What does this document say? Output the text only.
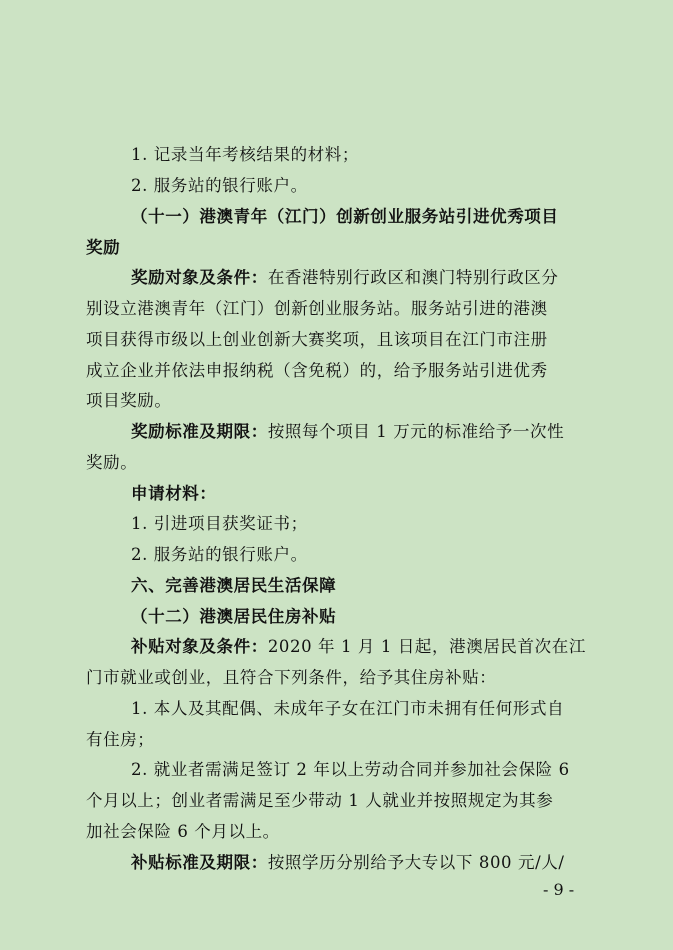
1. 记录当年考核结果的材料；
2. 服务站的银行账户。
（十一）港澳青年（江门）创新创业服务站引进优秀项目
奖励
奖励对象及条件：在香港特别行政区和澳门特别行政区分
别设立港澳青年（江门）创新创业服务站。服务站引进的港澳
项目获得市级以上创业创新大赛奖项，且该项目在江门市注册
成立企业并依法申报纳税（含免税）的，给予服务站引进优秀
项目奖励。
奖励标准及期限：按照每个项目 1 万元的标准给予一次性
奖励。
申请材料：
1. 引进项目获奖证书；
2. 服务站的银行账户。
六、完善港澳居民生活保障
（十二）港澳居民住房补贴
补贴对象及条件：2020 年 1 月 1 日起，港澳居民首次在江
门市就业或创业，且符合下列条件，给予其住房补贴：
1. 本人及其配偶、未成年子女在江门市未拥有任何形式自
有住房；
2. 就业者需满足签订 2 年以上劳动合同并参加社会保险 6
个月以上；创业者需满足至少带动 1 人就业并按照规定为其参
加社会保险 6 个月以上。
补贴标准及期限：按照学历分别给予大专以下 800 元/人/
- 9 -
